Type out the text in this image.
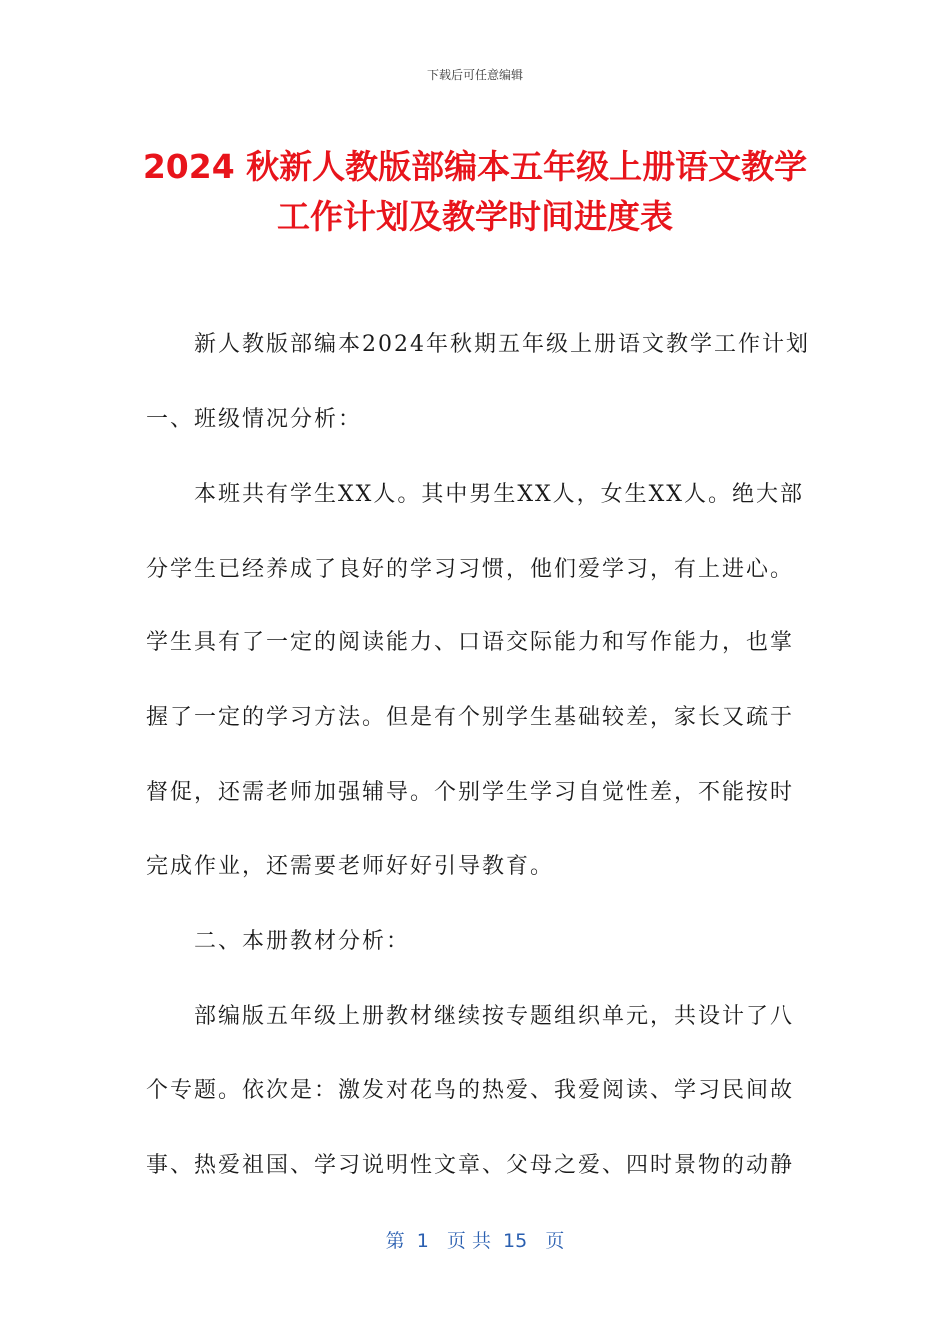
下载后可任意编辑
2024 秋新人教版部编本五年级上册语文教学
工作计划及教学时间进度表

新人教版部编本2024年秋期五年级上册语文教学工作计划

一、班级情况分析：

本班共有学生XX人。其中男生XX人，女生XX人。绝大部

分学生已经养成了良好的学习习惯，他们爱学习，有上进心。

学生具有了一定的阅读能力、口语交际能力和写作能力，也掌

握了一定的学习方法。但是有个别学生基础较差，家长又疏于

督促，还需老师加强辅导。个别学生学习自觉性差，不能按时

完成作业，还需要老师好好引导教育。

二、本册教材分析：

部编版五年级上册教材继续按专题组织单元，共设计了八

个专题。依次是：激发对花鸟的热爱、我爱阅读、学习民间故

事、热爱祖国、学习说明性文章、父母之爱、四时景物的动静

第  1   页 共  15   页
